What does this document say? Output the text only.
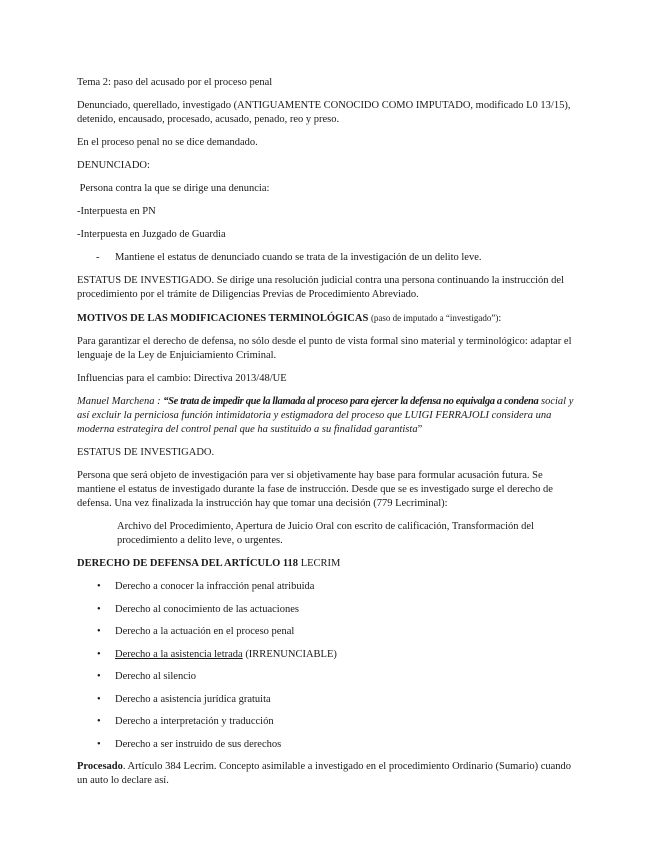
Tema 2: paso del acusado por el proceso penal

Denunciado, querellado, investigado (ANTIGUAMENTE CONOCIDO COMO IMPUTADO, modificado L0 13/15), detenido, encausado, procesado, acusado, penado, reo y preso.

En el proceso penal no se dice demandado.

DENUNCIADO:

Persona contra la que se dirige una denuncia:

-Interpuesta en PN

-Interpuesta en Juzgado de Guardia

-	Mantiene el estatus de denunciado cuando se trata de la investigación de un delito leve.

ESTATUS DE INVESTIGADO. Se dirige una resolución judicial contra una persona continuando la instrucción del procedimiento por el trámite de Diligencias Previas de Procedimiento Abreviado.

MOTIVOS DE LAS MODIFICACIONES TERMINOLÓGICAS (paso de imputado a “investigado”):

Para garantizar el derecho de defensa, no sólo desde el punto de vista formal sino material y terminológico: adaptar el lenguaje de la Ley de Enjuiciamiento Criminal.

Influencias para el cambio: Directiva 2013/48/UE

Manuel Marchena : “Se trata de impedir que la llamada al proceso para ejercer la defensa no equivalga a condena social y así excluir la perniciosa función intimidatoria y estigmadora del proceso que LUIGI FERRAJOLI considera una moderna estrategira del control penal que ha sustituido a su finalidad garantista”

ESTATUS DE INVESTIGADO.

Persona que será objeto de investigación para ver si objetivamente hay base para formular acusación futura. Se mantiene el estatus de investigado durante la fase de instrucción. Desde que se es investigado surge el derecho de defensa. Una vez finalizada la instrucción hay que tomar una decisión (779 Lecriminal):

Archivo del Procedimiento, Apertura de Juicio Oral con escrito de calificación, Transformación del procedimiento a delito leve, o urgentes.

DERECHO DE DEFENSA DEL ARTÍCULO 118 LECRIM

•	Derecho a conocer la infracción penal atribuida
•	Derecho al conocimiento de las actuaciones
•	Derecho a la actuación en el proceso penal
•	Derecho a la asistencia letrada (IRRENUNCIABLE)
•	Derecho al silencio
•	Derecho a asistencia jurídica gratuita
•	Derecho a interpretación y traducción
•	Derecho a ser instruido de sus derechos

Procesado. Artículo 384 Lecrim. Concepto asimilable a investigado en el procedimiento Ordinario (Sumario) cuando un auto lo declare así.
